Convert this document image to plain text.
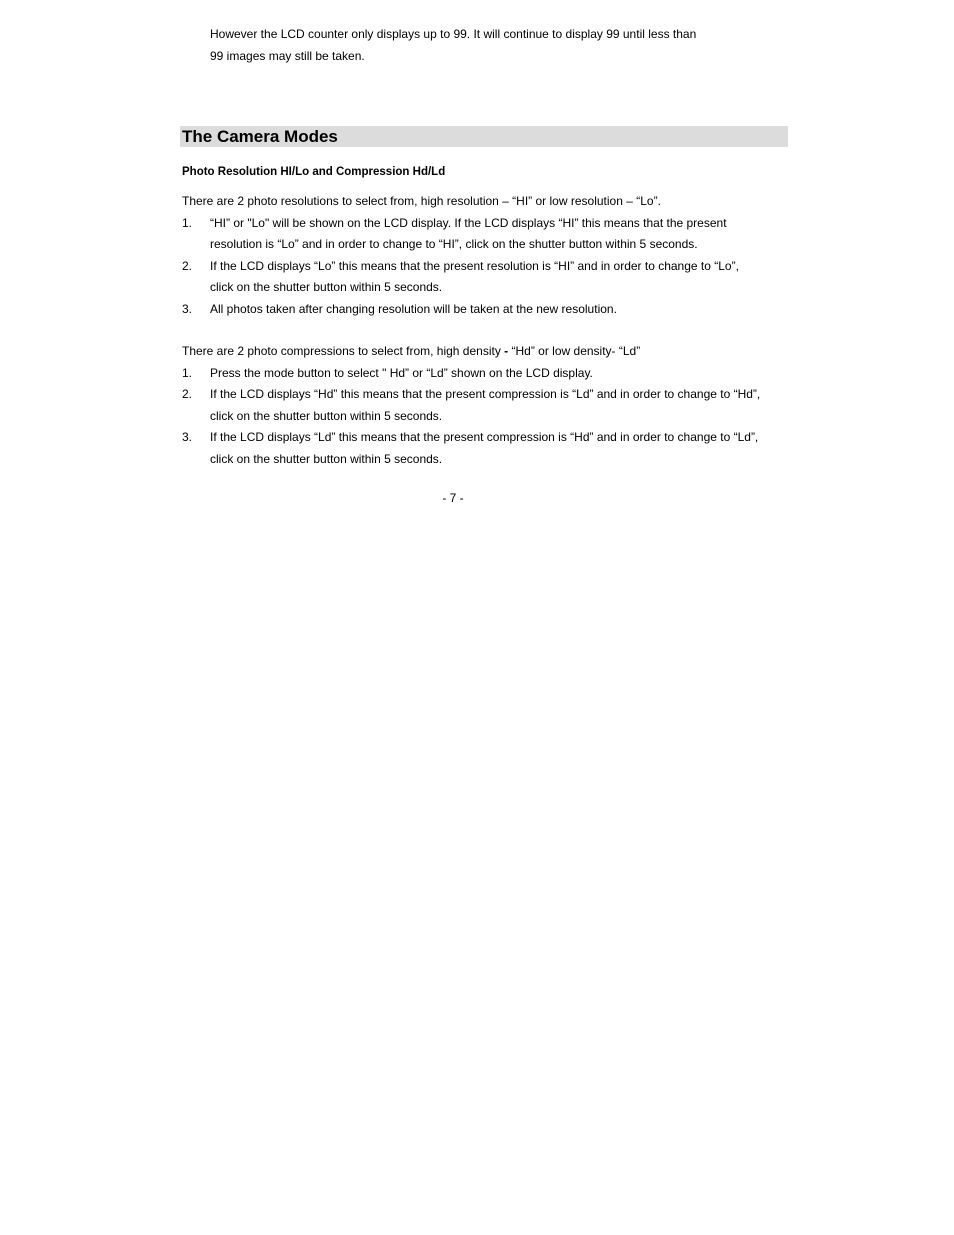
However the LCD counter only displays up to 99. It will continue to display 99 until less than
99 images may still be taken.
The Camera Modes
Photo Resolution HI/Lo and Compression Hd/Ld
There are 2 photo resolutions to select from, high resolution – “HI” or low resolution – “Lo”.
1.	“HI” or "Lo" will be shown on the LCD display. If the LCD displays “HI” this means that the present
resolution is “Lo” and in order to change to “HI”, click on the shutter button within 5 seconds.
2.	If the LCD displays “Lo” this means that the present resolution is “HI” and in order to change to “Lo”,
click on the shutter button within 5 seconds.
3.	All photos taken after changing resolution will be taken at the new resolution.
There are 2 photo compressions to select from, high density - “Hd” or low density- “Ld”
1.	Press the mode button to select " Hd” or “Ld” shown on the LCD display.
2.	If the LCD displays “Hd” this means that the present compression is “Ld” and in order to change to “Hd”,
click on the shutter button within 5 seconds.
3.	If the LCD displays “Ld” this means that the present compression is “Hd” and in order to change to “Ld”,
click on the shutter button within 5 seconds.
- 7 -
